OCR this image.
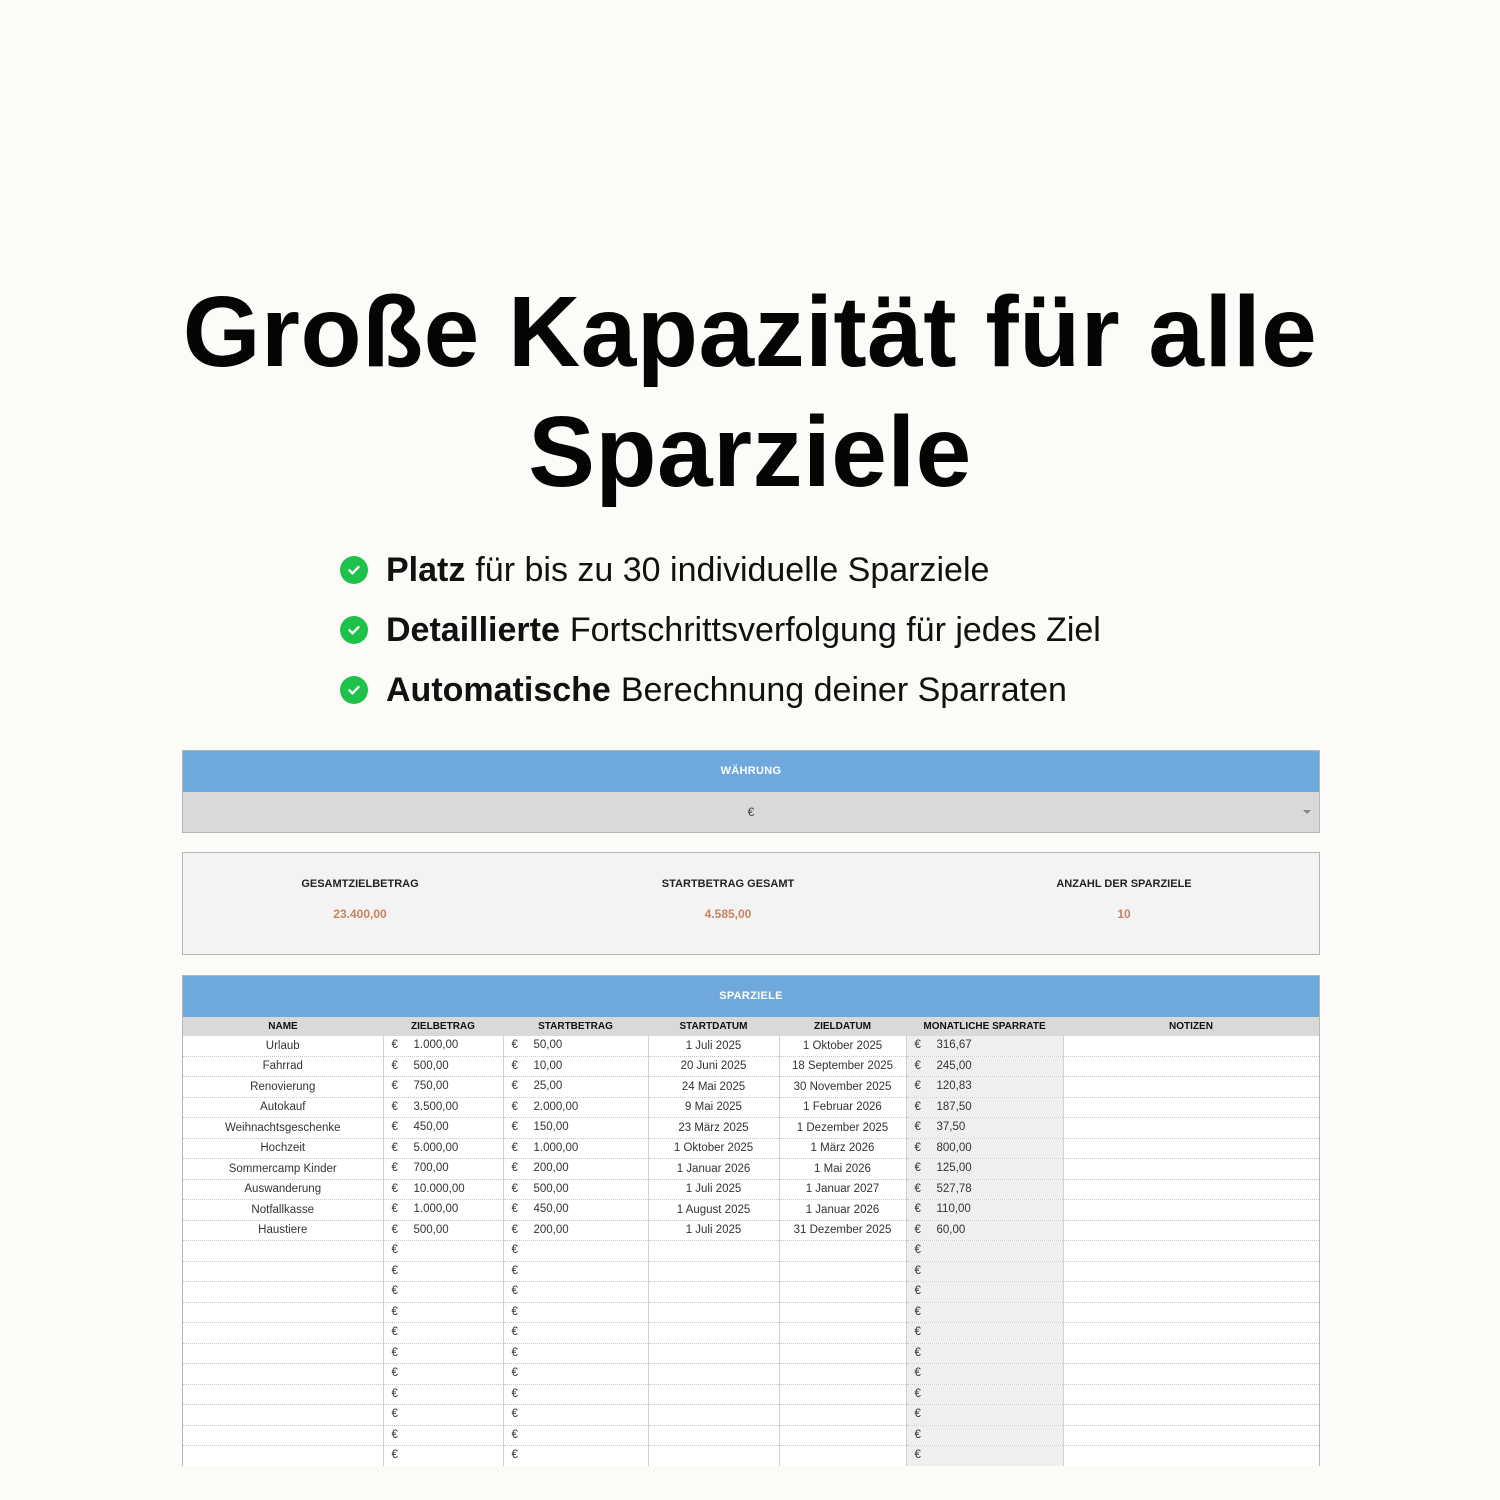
Große Kapazität für alle
Sparziele
Platz für bis zu 30 individuelle Sparziele
Detaillierte Fortschrittsverfolgung für jedes Ziel
Automatische Berechnung deiner Sparraten
WÄHRUNG
€
GESAMTZIELBETRAG
23.400,00
STARTBETRAG GESAMT
4.585,00
ANZAHL DER SPARZIELE
10
SPARZIELE
NAME	ZIELBETRAG	STARTBETRAG	STARTDATUM	ZIELDATUM	MONATLICHE SPARRATE	NOTIZEN
Urlaub	€ 1.000,00	€ 50,00	1 Juli 2025	1 Oktober 2025	€ 316,67	

Fahrrad	€ 500,00	€ 10,00	20 Juni 2025	18 September 2025	€ 245,00	

Renovierung	€ 750,00	€ 25,00	24 Mai 2025	30 November 2025	€ 120,83	

Autokauf	€ 3.500,00	€ 2.000,00	9 Mai 2025	1 Februar 2026	€ 187,50	

Weihnachtsgeschenke	€ 450,00	€ 150,00	23 März 2025	1 Dezember 2025	€ 37,50	

Hochzeit	€ 5.000,00	€ 1.000,00	1 Oktober 2025	1 März 2026	€ 800,00	

Sommercamp Kinder	€ 700,00	€ 200,00	1 Januar 2026	1 Mai 2026	€ 125,00	

Auswanderung	€ 10.000,00	€ 500,00	1 Juli 2025	1 Januar 2027	€ 527,78	

Notfallkasse	€ 1.000,00	€ 450,00	1 August 2025	1 Januar 2026	€ 110,00	

Haustiere	€ 500,00	€ 200,00	1 Juli 2025	31 Dezember 2025	€ 60,00	

	€	€			€	

	€	€			€	

	€	€			€	

	€	€			€	

	€	€			€	

	€	€			€	

	€	€			€	

	€	€			€	

	€	€			€	

	€	€			€	

	€	€			€	
